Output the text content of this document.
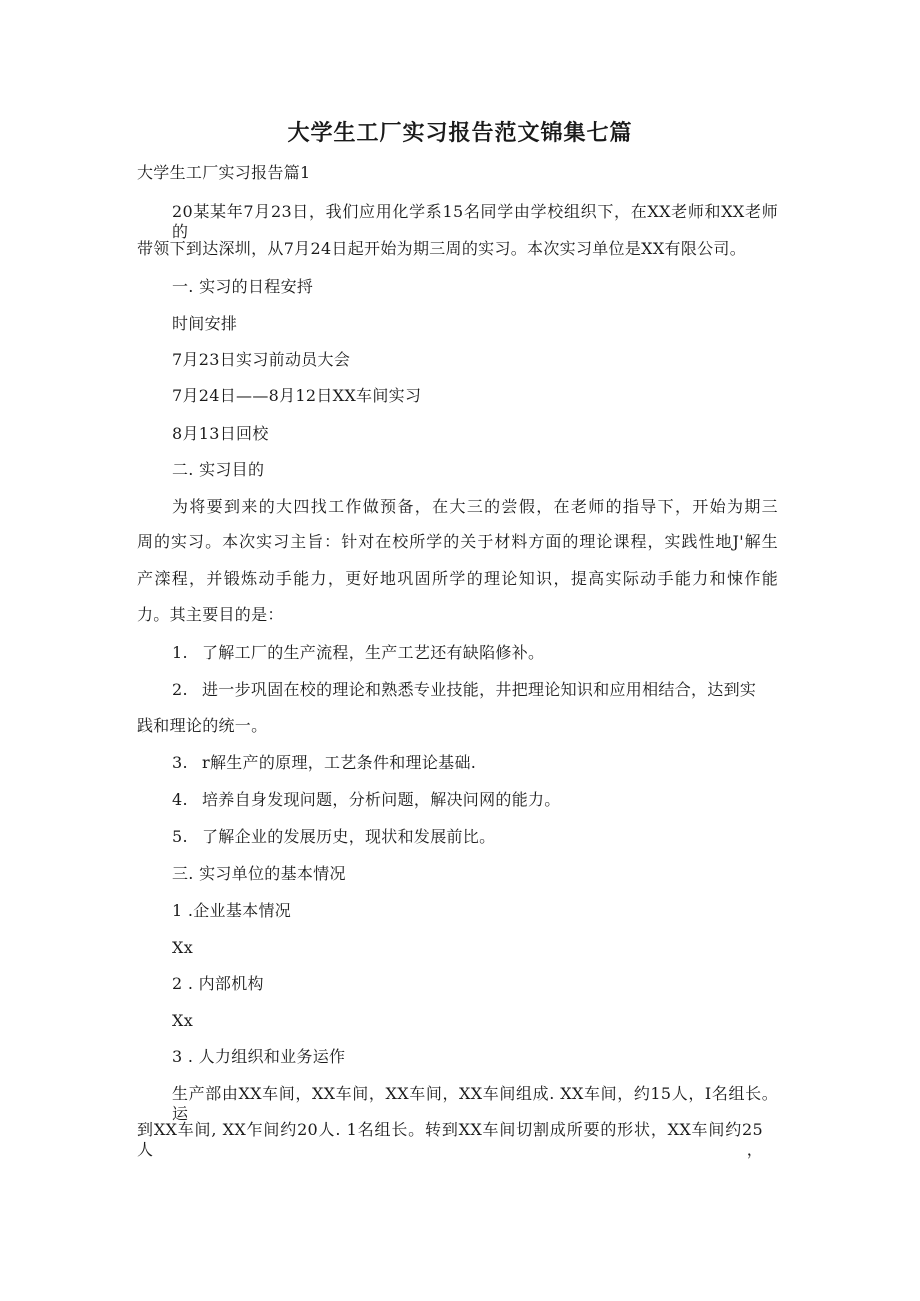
大学生工厂实习报告范文锦集七篇
大学生工厂实习报告篇1
20某某年7月23日，我们应用化学系15名同学由学校组织下，在XX老师和XX老师的
带领下到达深圳，从7月24日起开始为期三周的实习。本次实习单位是XX有限公司。
一. 实习的日程安捋
时间安排
7月23日实习前动员大会
7月24日——8月12日XX车间实习
8月13日回校
二. 实习目的
为将要到来的大四找工作做预备，在大三的尝假，在老师的指导下，开始为期三
周的实习。本次实习主旨：针对在校所学的关于材料方面的理论课程，实践性地J'解生
产滦程，并锻炼动手能力，更好地巩固所学的理论知识，提高实际动手能力和悚作能
力。其主要目的是：
1. 了解工厂的生产流程，生产工艺还有缺陷修补。
2. 进一步巩固在校的理论和熟悉专业技能，井把理论知识和应用相结合，达到实
践和理论的统一。
3. r解生产的原理，工艺条件和理论基础.
4. 培养自身发现问题，分析问题，解决问网的能力。
5. 了解企业的发展历史，现状和发展前比。
三. 实习单位的基本情况
1 .企业基本情况
Xx
2 . 内部机构
Xx
3 . 人力组织和业务运作
生产部由XX车间，XX车间，XX车间，XX车间组成. XX车间，约15人，I名组长。运
到XX车间, XX乍间约20人. 1名组长。转到XX车间切割成所要的形状，XX车间约25人，
